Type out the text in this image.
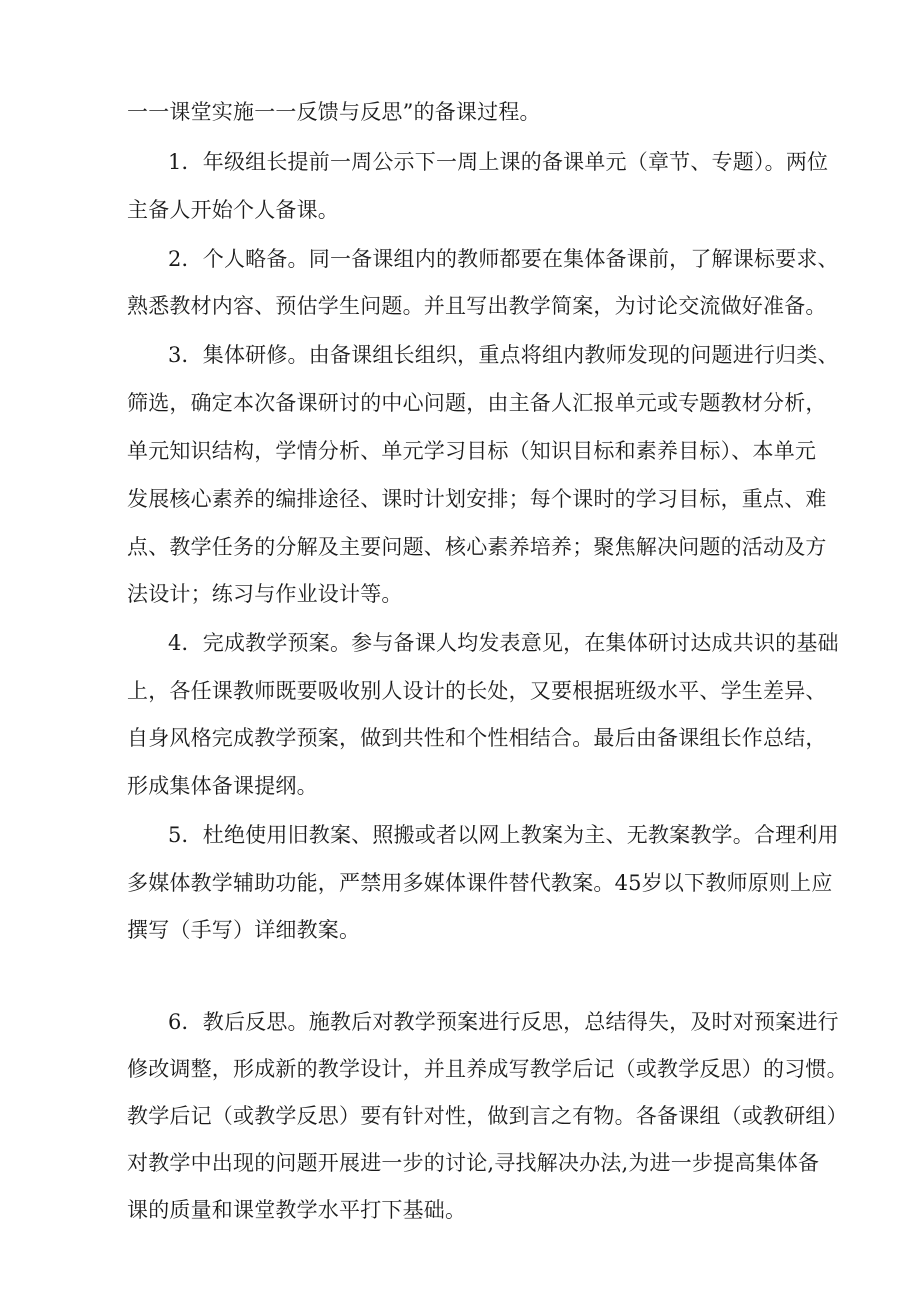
一一课堂实施一一反馈与反思”的备课过程。
1．年级组长提前一周公示下一周上课的备课单元（章节、专题）。两位
主备人开始个人备课。
2．个人略备。同一备课组内的教师都要在集体备课前，了解课标要求、
熟悉教材内容、预估学生问题。并且写出教学简案，为讨论交流做好准备。
3．集体研修。由备课组长组织，重点将组内教师发现的问题进行归类、
筛选，确定本次备课研讨的中心问题，由主备人汇报单元或专题教材分析，
单元知识结构，学情分析、单元学习目标（知识目标和素养目标）、本单元
发展核心素养的编排途径、课时计划安排；每个课时的学习目标，重点、难
点、教学任务的分解及主要问题、核心素养培养；聚焦解决问题的活动及方
法设计；练习与作业设计等。
4．完成教学预案。参与备课人均发表意见，在集体研讨达成共识的基础
上，各任课教师既要吸收别人设计的长处，又要根据班级水平、学生差异、
自身风格完成教学预案，做到共性和个性相结合。最后由备课组长作总结，
形成集体备课提纲。
5．杜绝使用旧教案、照搬或者以网上教案为主、无教案教学。合理利用
多媒体教学辅助功能，严禁用多媒体课件替代教案。45岁以下教师原则上应
撰写（手写）详细教案。
6．教后反思。施教后对教学预案进行反思，总结得失，及时对预案进行
修改调整，形成新的教学设计，并且养成写教学后记（或教学反思）的习惯。
教学后记（或教学反思）要有针对性，做到言之有物。各备课组（或教研组）
对教学中出现的问题开展进一步的讨论,寻找解决办法,为进一步提高集体备
课的质量和课堂教学水平打下基础。
